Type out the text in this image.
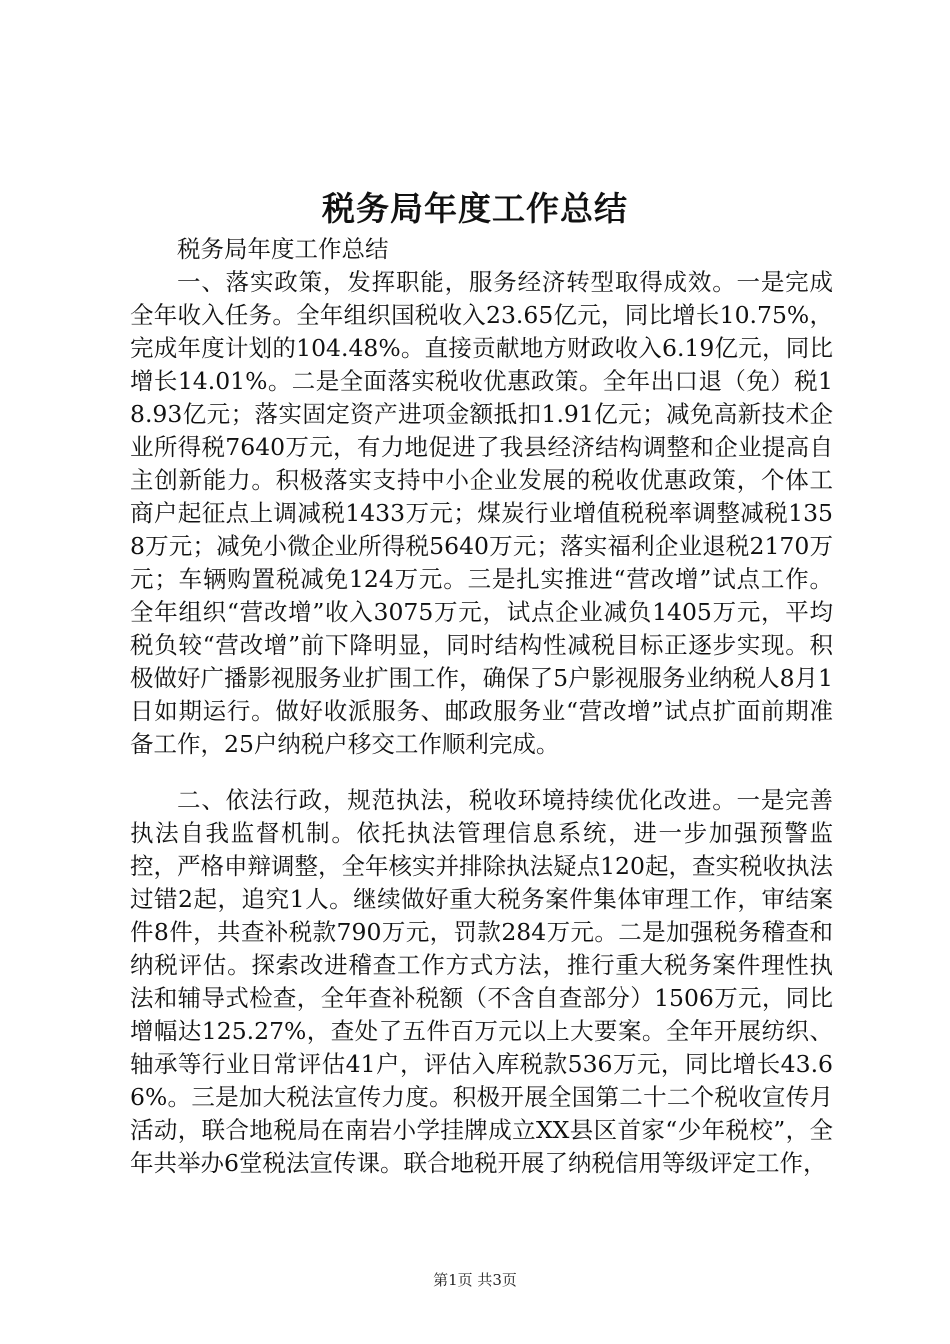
税务局年度工作总结

税务局年度工作总结

一、落实政策，发挥职能，服务经济转型取得成效。一是完成全年收入任务。全年组织国税收入23.65亿元，同比增长10.75%，完成年度计划的104.48%。直接贡献地方财政收入6.19亿元，同比增长14.01%。二是全面落实税收优惠政策。全年出口退（免）税18.93亿元；落实固定资产进项金额抵扣1.91亿元；减免高新技术企业所得税7640万元，有力地促进了我县经济结构调整和企业提高自主创新能力。积极落实支持中小企业发展的税收优惠政策，个体工商户起征点上调减税1433万元；煤炭行业增值税税率调整减税1358万元；减免小微企业所得税5640万元；落实福利企业退税2170万元；车辆购置税减免124万元。三是扎实推进“营改增”试点工作。全年组织“营改增”收入3075万元，试点企业减负1405万元，平均税负较“营改增”前下降明显，同时结构性减税目标正逐步实现。积极做好广播影视服务业扩围工作，确保了5户影视服务业纳税人8月1日如期运行。做好收派服务、邮政服务业“营改增”试点扩面前期准备工作，25户纳税户移交工作顺利完成。

二、依法行政，规范执法，税收环境持续优化改进。一是完善执法自我监督机制。依托执法管理信息系统，进一步加强预警监控，严格申辩调整，全年核实并排除执法疑点120起，查实税收执法过错2起，追究1人。继续做好重大税务案件集体审理工作，审结案件8件，共查补税款790万元，罚款284万元。二是加强税务稽查和纳税评估。探索改进稽查工作方式方法，推行重大税务案件理性执法和辅导式检查，全年查补税额（不含自查部分）1506万元，同比增幅达125.27%，查处了五件百万元以上大要案。全年开展纺织、轴承等行业日常评估41户，评估入库税款536万元，同比增长43.66%。三是加大税法宣传力度。积极开展全国第二十二个税收宣传月活动，联合地税局在南岩小学挂牌成立XX县区首家“少年税校”，全年共举办6堂税法宣传课。联合地税开展了纳税信用等级评定工作，

第1页 共3页
